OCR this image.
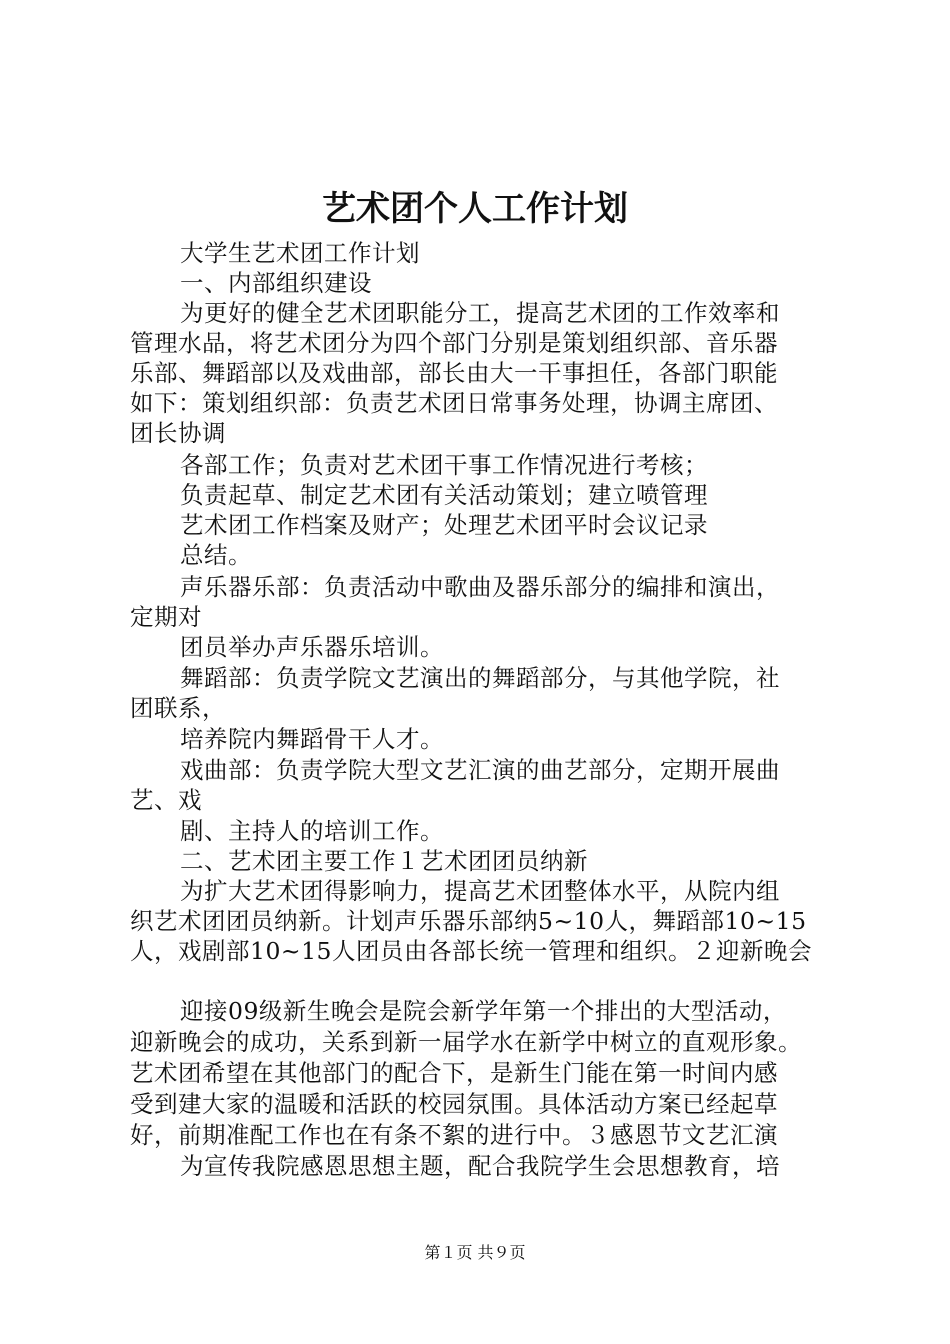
艺术团个人工作计划
大学生艺术团工作计划
一、内部组织建设
为更好的健全艺术团职能分工，提高艺术团的工作效率和
管理水品，将艺术团分为四个部门分别是策划组织部、音乐器
乐部、舞蹈部以及戏曲部，部长由大一干事担任，各部门职能
如下：策划组织部：负责艺术团日常事务处理，协调主席团、
团长协调
各部工作；负责对艺术团干事工作情况进行考核；
负责起草、制定艺术团有关活动策划；建立喷管理
艺术团工作档案及财产；处理艺术团平时会议记录
总结。
声乐器乐部：负责活动中歌曲及器乐部分的编排和演出，
定期对
团员举办声乐器乐培训。
舞蹈部：负责学院文艺演出的舞蹈部分，与其他学院，社
团联系，
培养院内舞蹈骨干人才。
戏曲部：负责学院大型文艺汇演的曲艺部分，定期开展曲
艺、戏
剧、主持人的培训工作。
二、艺术团主要工作１艺术团团员纳新
为扩大艺术团得影响力，提高艺术团整体水平，从院内组
织艺术团团员纳新。计划声乐器乐部纳5~10人，舞蹈部10~15
人，戏剧部10~15人团员由各部长统一管理和组织。２迎新晚会
迎接09级新生晚会是院会新学年第一个排出的大型活动，
迎新晚会的成功，关系到新一届学水在新学中树立的直观形象。
艺术团希望在其他部门的配合下，是新生门能在第一时间内感
受到建大家的温暖和活跃的校园氛围。具体活动方案已经起草
好，前期准配工作也在有条不絮的进行中。３感恩节文艺汇演
为宣传我院感恩思想主题，配合我院学生会思想教育，培
第１页 共９页
